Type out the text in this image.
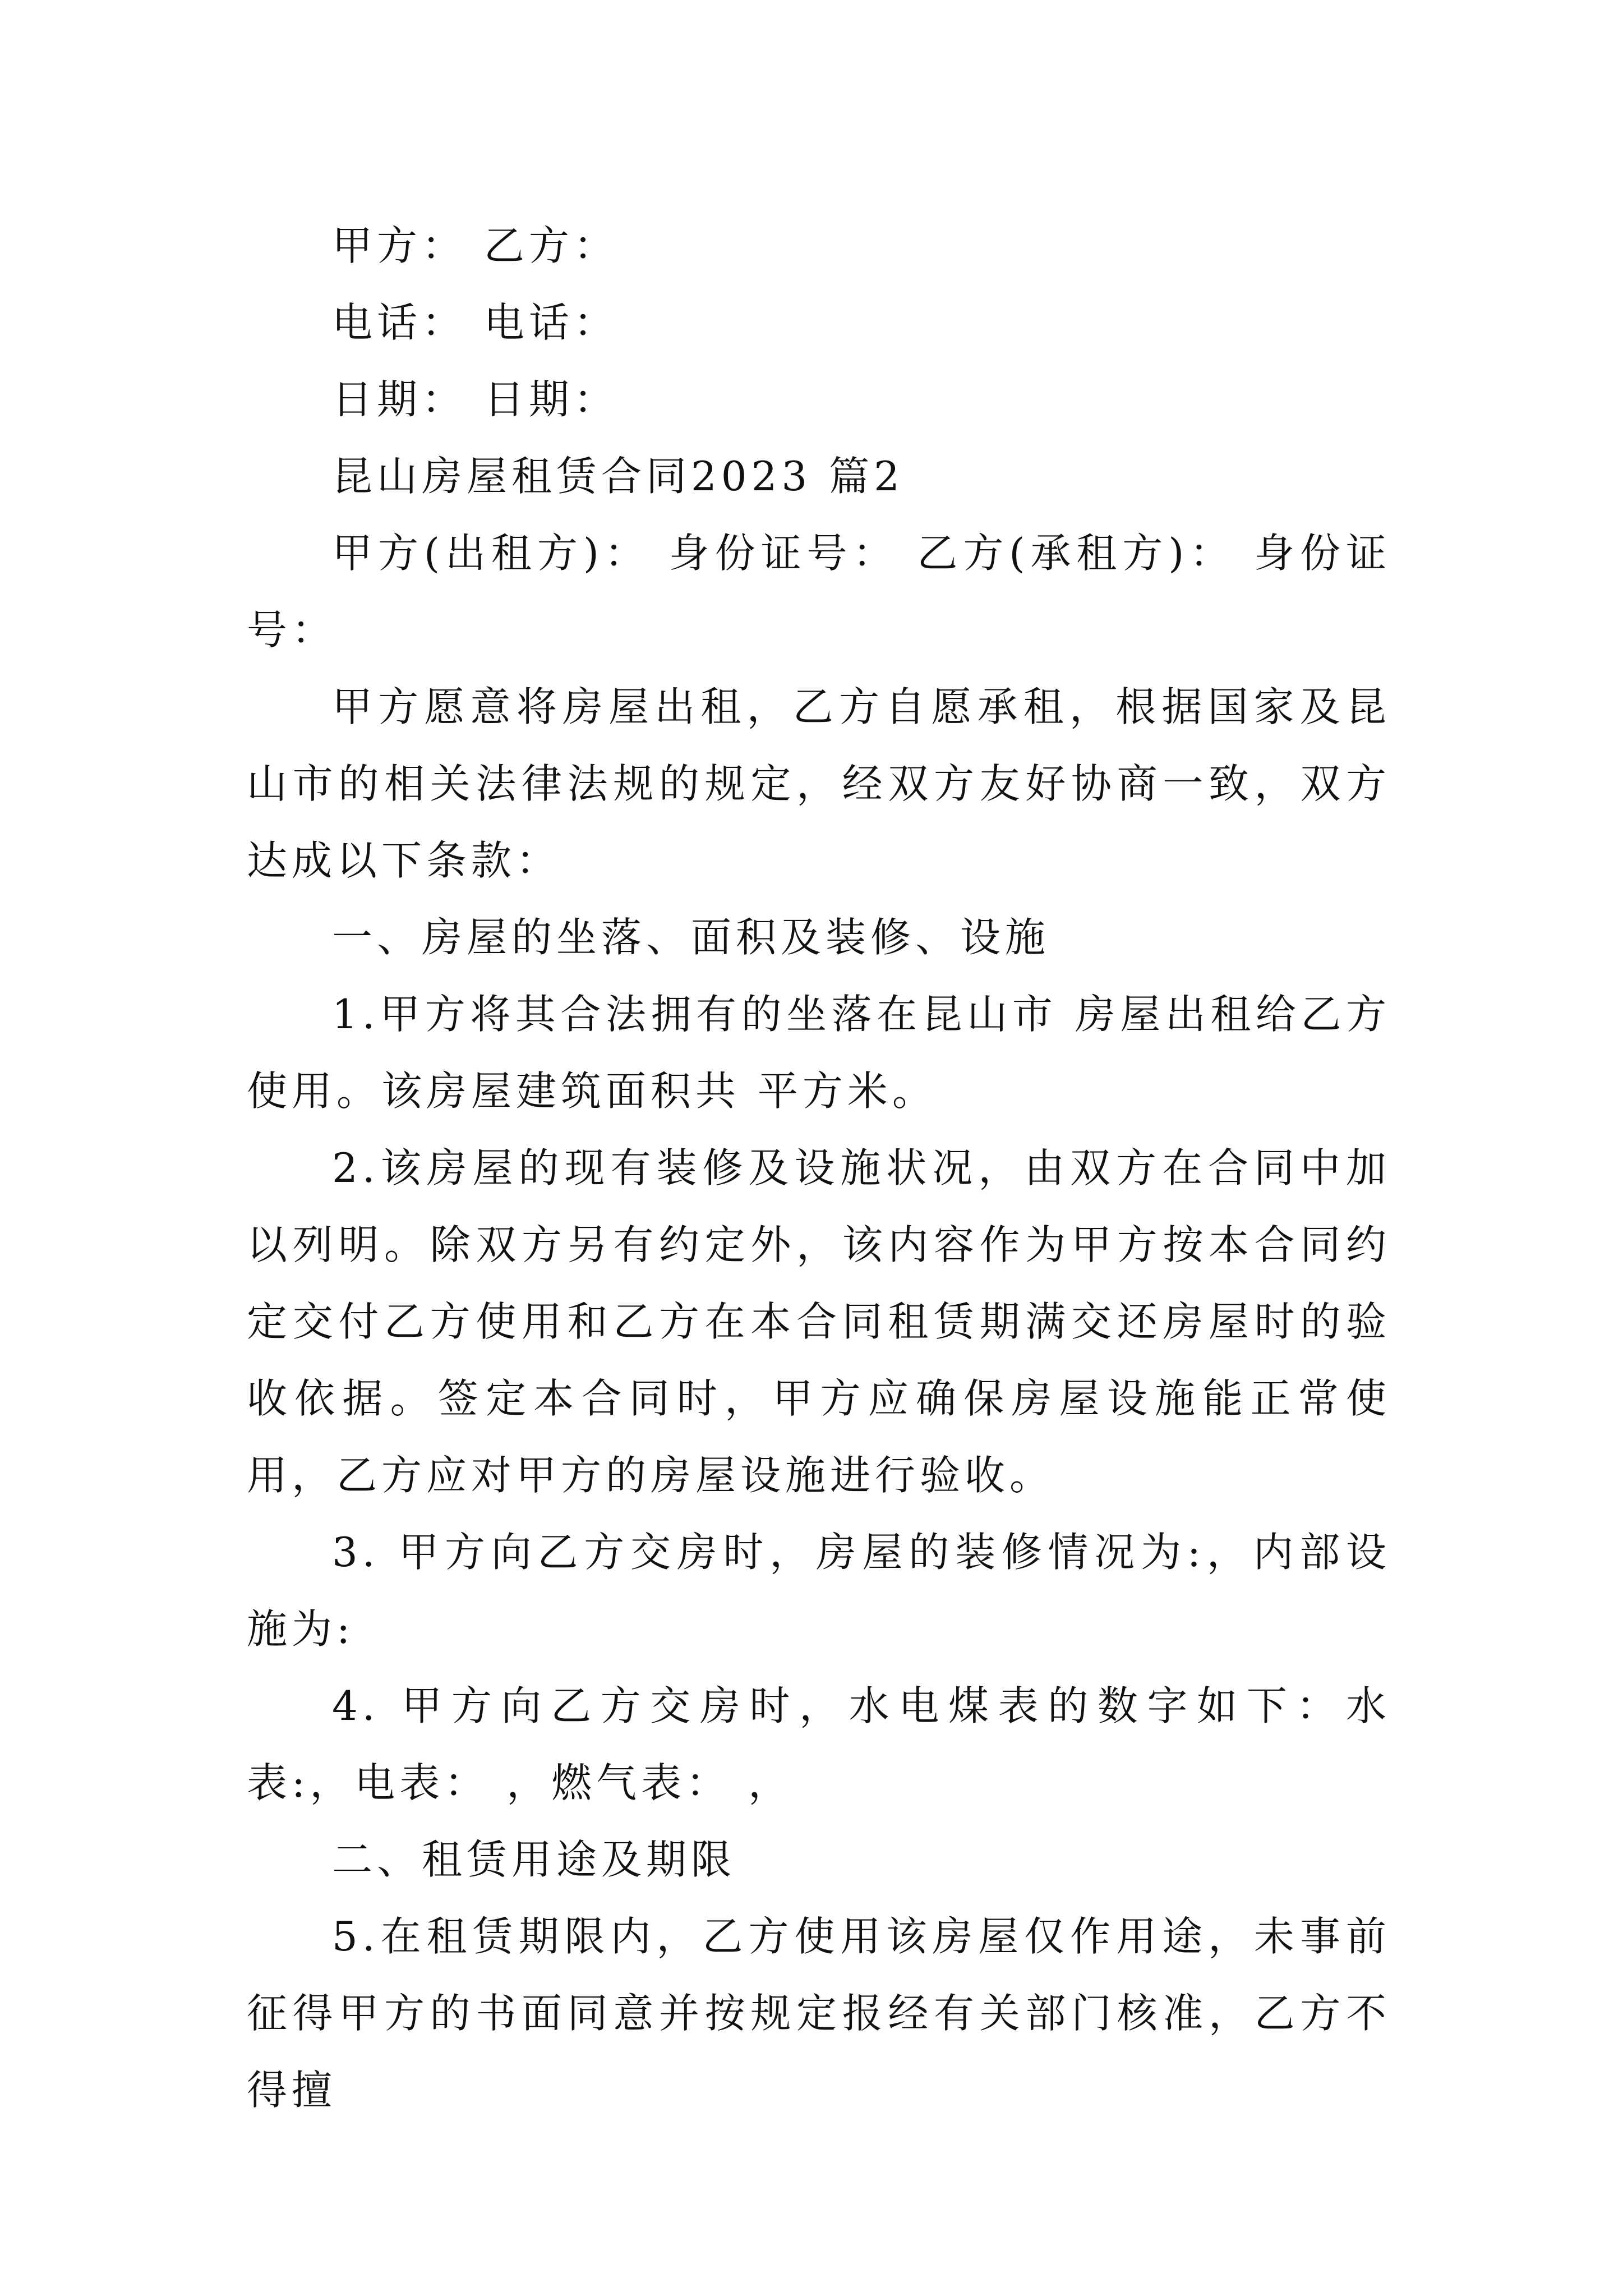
甲方： 乙方：

电话： 电话：

日期： 日期：

昆山房屋租赁合同2023 篇2

甲方(出租方)： 身份证号： 乙方(承租方)： 身份证号：

甲方愿意将房屋出租，乙方自愿承租，根据国家及昆山市的相关法律法规的规定，经双方友好协商一致，双方达成以下条款：

一、房屋的坐落、面积及装修、设施

1.甲方将其合法拥有的坐落在昆山市 房屋出租给乙方使用。该房屋建筑面积共 平方米。

2.该房屋的现有装修及设施状况，由双方在合同中加以列明。除双方另有约定外，该内容作为甲方按本合同约定交付乙方使用和乙方在本合同租赁期满交还房屋时的验收依据。签定本合同时，甲方应确保房屋设施能正常使用，乙方应对甲方的房屋设施进行验收。

3. 甲方向乙方交房时，房屋的装修情况为:，内部设施为:

4. 甲方向乙方交房时，水电煤表的数字如下：水表:，电表： ，燃气表： ，

二、租赁用途及期限

5.在租赁期限内，乙方使用该房屋仅作用途，未事前征得甲方的书面同意并按规定报经有关部门核准，乙方不得擅
